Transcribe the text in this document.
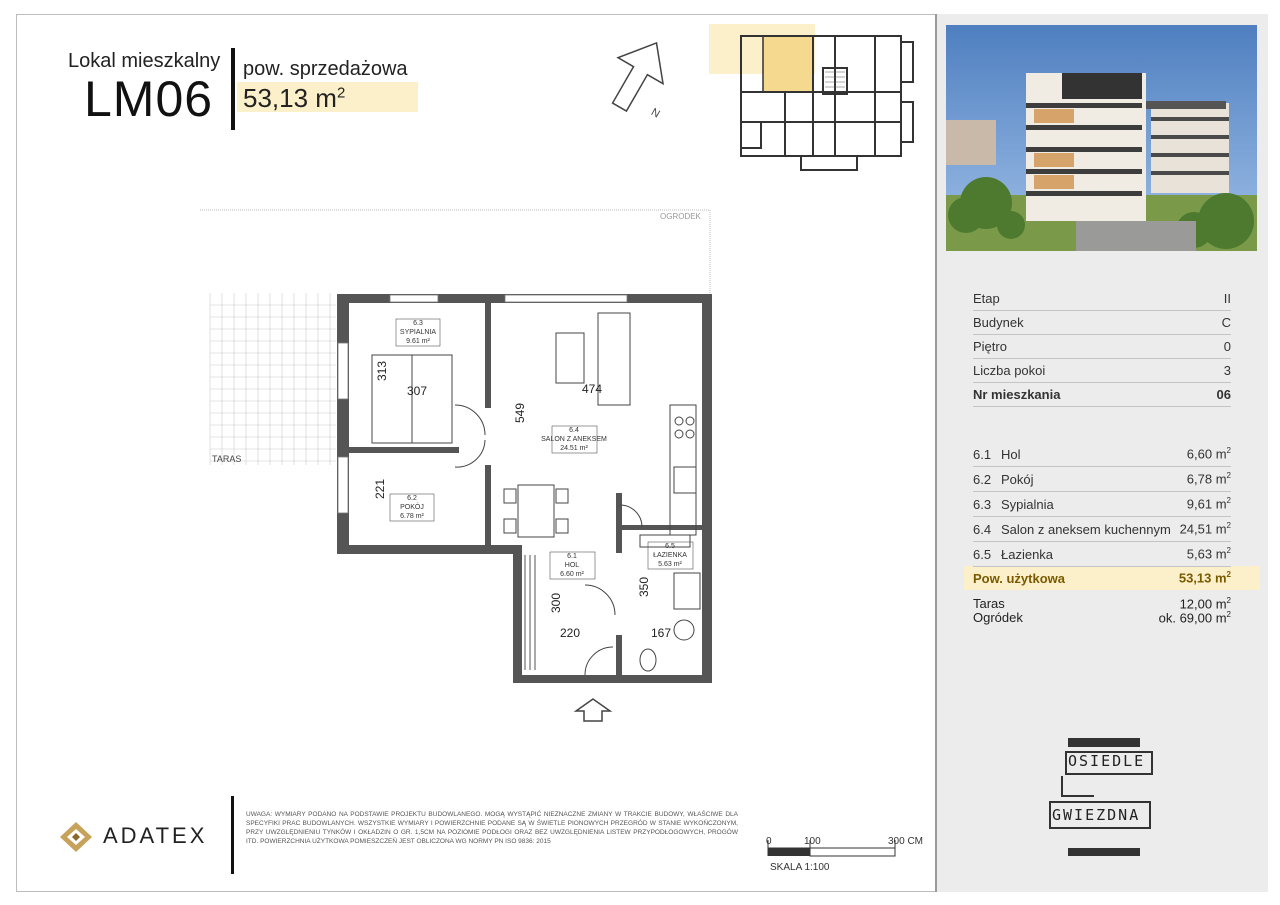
Lokal mieszkalny
LM06
pow. sprzedażowa
53,13 $m^2$
N
OGRODEK
TARAS
6.3
SYPIALNIA
9.61 m²
6.4
SALON Z ANEKSEM
24.51 m²
6.2
POKÓJ
6.78 m²
6.1
HOL
6.60 m²
6.5
ŁAZIENKA
5.63 m²
313
307	474
549
221
300
220
350
167
Etap	II
Budynek	C
Piętro	0
Liczba pokoi	3
Nr mieszkania	06
6.1 Hol	6,60 $m^2$
6.2 Pokój	6,78 $m^2$
6.3 Sypialnia	9,61 $m^2$
6.4 Salon z aneksem kuchennym 24,51 $m^2$
6.5 Łazienka	5,63 $m^2$
Pow. użytkowa	53,13 $m^2$
Taras	12,00 $m^2$
Ogródek	ok. 69,00 $m^2$
OSIEDLE
GWIEZDNA
ADATEX
UWAGA: WYMIARY PODANO NA PODSTAWIE PROJEKTU BUDOWLANEGO. MOGĄ WYSTĄPIĆ NIEZNACZNE ZMIANY W TRAKCIE BUDOWY, WŁAŚCIWE DLA SPECYFIKI PRAC BUDOWLANYCH. WSZYSTKIE WYMIARY I POWIERZCHNIE PODANE SĄ W ŚWIETLE PIONOWYCH PRZEGRÓD W STANIE WYKOŃCZONYM, PRZY UWZGLĘDNIENIU TYNKÓW I OKŁADZIN O GR. 1,5CM NA POZIOMIE PODŁOGI ORAZ BEZ UWZGLĘDNIENIA LISTEW PRZYPODŁOGOWYCH, PROGÓW ITD. POWIERZCHNIA UŻYTKOWA POMIESZCZEŃ JEST OBLICZONA WG NORMY PN ISO 9836: 2015	0	100	300 CM
SKALA 1:100
